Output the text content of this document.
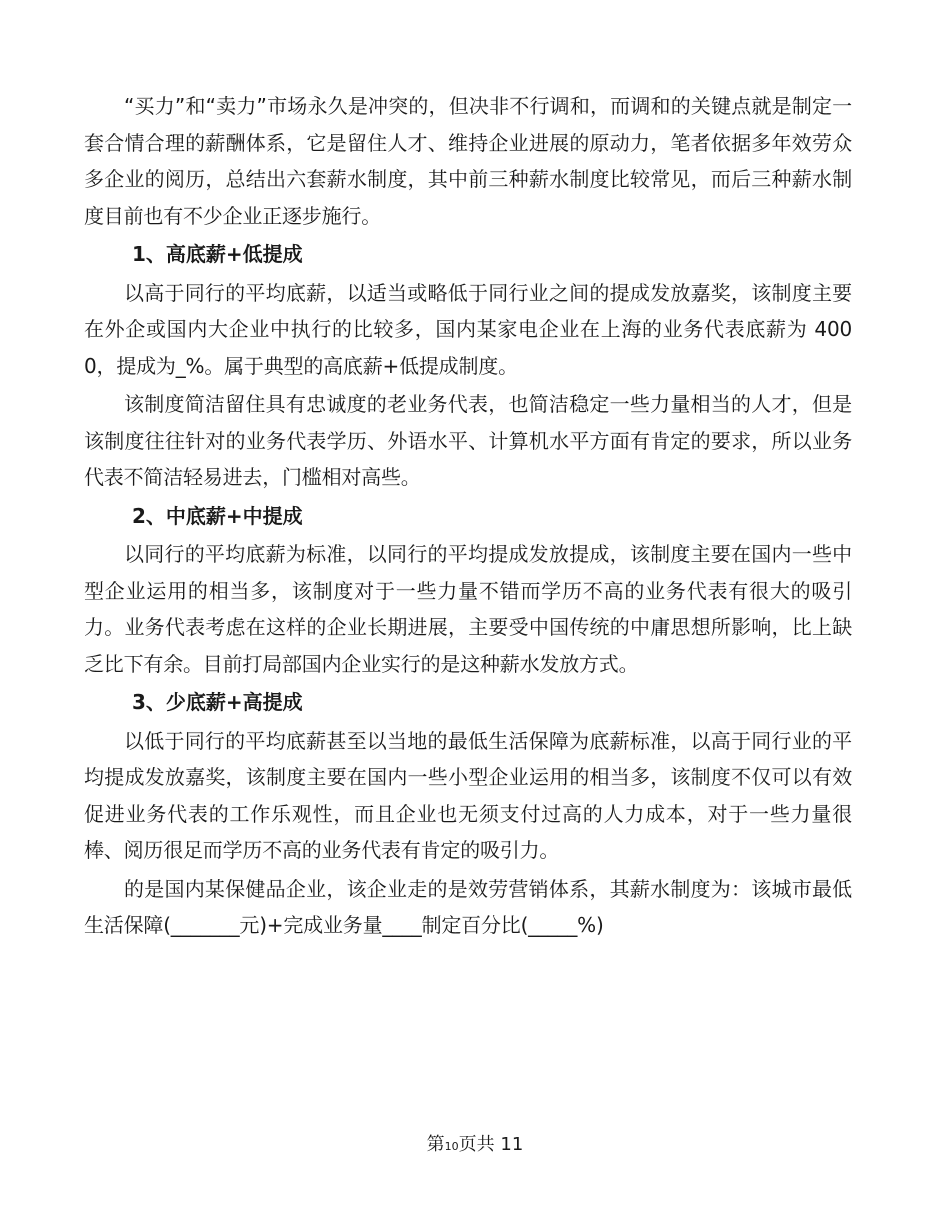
“买力”和“卖力”市场永久是冲突的，但决非不行调和，而调和的关键点就是制定一套合情合理的薪酬体系，它是留住人才、维持企业进展的原动力，笔者依据多年效劳众多企业的阅历，总结出六套薪水制度，其中前三种薪水制度比较常见，而后三种薪水制度目前也有不少企业正逐步施行。

1、高底薪+低提成

以高于同行的平均底薪，以适当或略低于同行业之间的提成发放嘉奖，该制度主要在外企或国内大企业中执行的比较多，国内某家电企业在上海的业务代表底薪为 4000，提成为_%。属于典型的高底薪+低提成制度。

该制度简洁留住具有忠诚度的老业务代表，也简洁稳定一些力量相当的人才，但是该制度往往针对的业务代表学历、外语水平、计算机水平方面有肯定的要求，所以业务代表不简洁轻易进去，门槛相对高些。

2、中底薪+中提成

以同行的平均底薪为标准，以同行的平均提成发放提成，该制度主要在国内一些中型企业运用的相当多，该制度对于一些力量不错而学历不高的业务代表有很大的吸引力。业务代表考虑在这样的企业长期进展，主要受中国传统的中庸思想所影响，比上缺乏比下有余。目前打局部国内企业实行的是这种薪水发放方式。

3、少底薪+高提成

以低于同行的平均底薪甚至以当地的最低生活保障为底薪标准，以高于同行业的平均提成发放嘉奖，该制度主要在国内一些小型企业运用的相当多，该制度不仅可以有效促进业务代表的工作乐观性，而且企业也无须支付过高的人力成本，对于一些力量很棒、阅历很足而学历不高的业务代表有肯定的吸引力。

的是国内某保健品企业，该企业走的是效劳营销体系，其薪水制度为：该城市最低生活保障(_______元)+完成业务量____制定百分比(_____%)

第10页共 11
